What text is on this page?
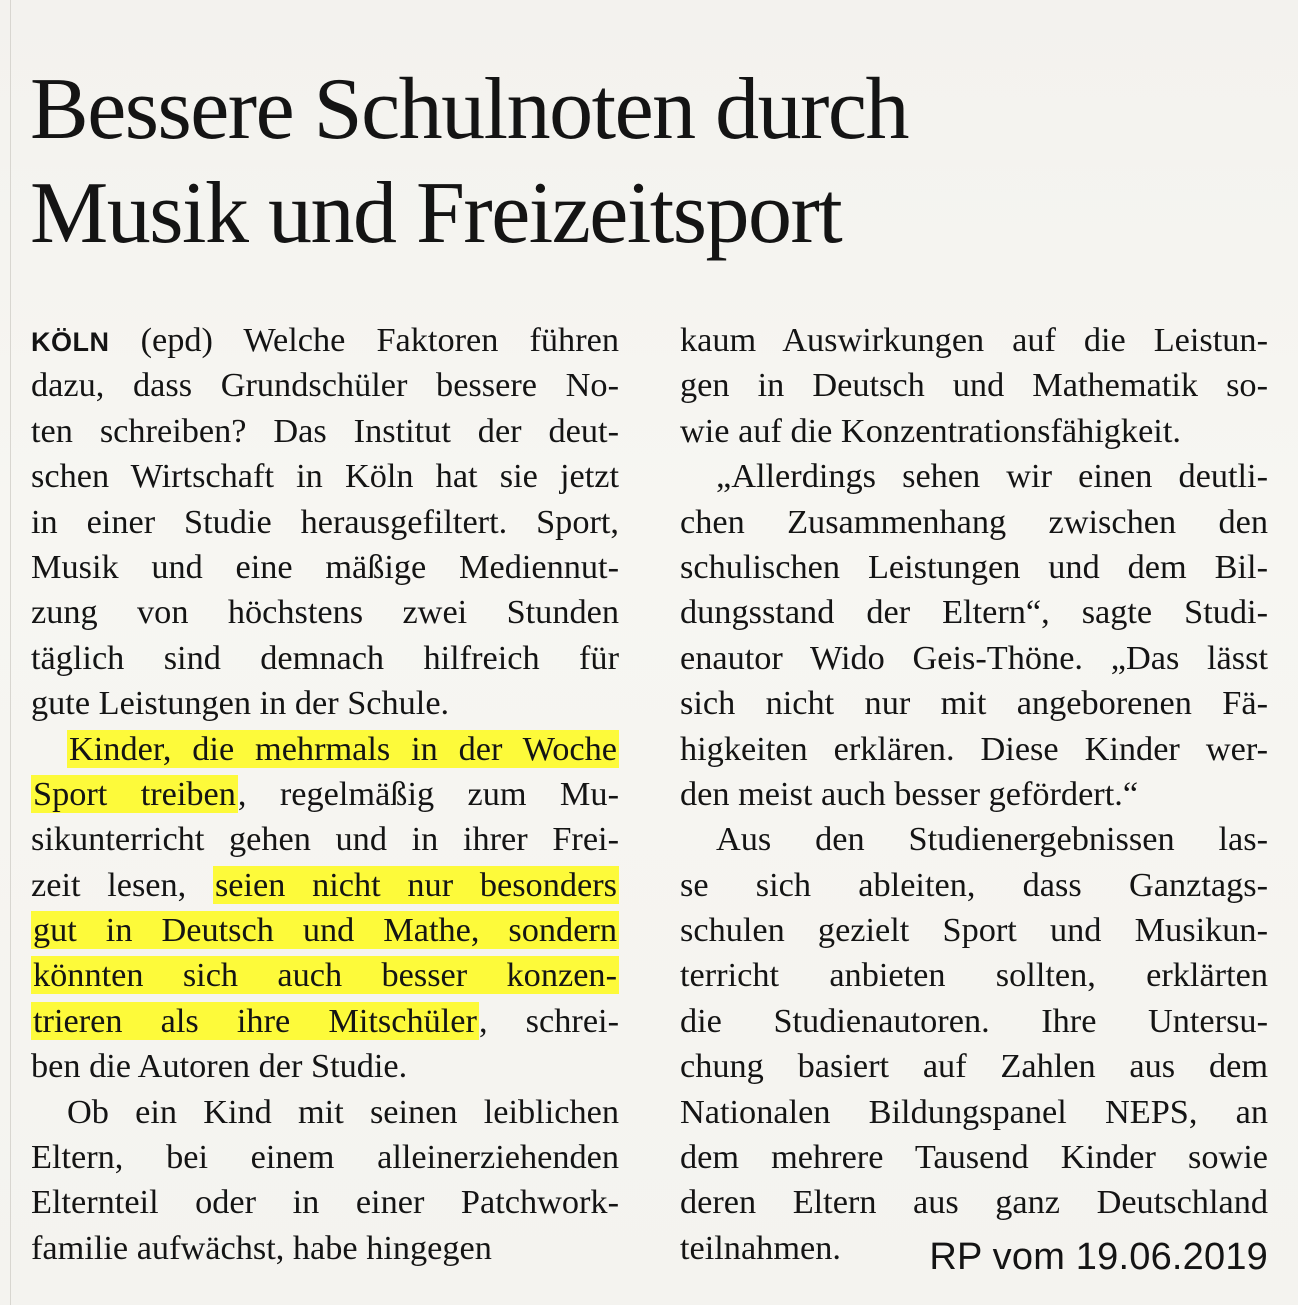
Bessere Schulnoten durch
Musik und Freizeitsport
KÖLN (epd) Welche Faktoren führen
dazu, dass Grundschüler bessere No-
ten schreiben? Das Institut der deut-
schen Wirtschaft in Köln hat sie jetzt
in einer Studie herausgefiltert. Sport,
Musik und eine mäßige Mediennut-
zung von höchstens zwei Stunden
täglich sind demnach hilfreich für
gute Leistungen in der Schule.
Kinder, die mehrmals in der Woche
Sport treiben, regelmäßig zum Mu-
sikunterricht gehen und in ihrer Frei-
zeit lesen, seien nicht nur besonders
gut in Deutsch und Mathe, sondern
könnten sich auch besser konzen-
trieren als ihre Mitschüler, schrei-
ben die Autoren der Studie.
Ob ein Kind mit seinen leiblichen
Eltern, bei einem alleinerziehenden
Elternteil oder in einer Patchwork-
familie aufwächst, habe hingegen
kaum Auswirkungen auf die Leistun-
gen in Deutsch und Mathematik so-
wie auf die Konzentrationsfähigkeit.
„Allerdings sehen wir einen deutli-
chen Zusammenhang zwischen den
schulischen Leistungen und dem Bil-
dungsstand der Eltern“, sagte Studi-
enautor Wido Geis-Thöne. „Das lässt
sich nicht nur mit angeborenen Fä-
higkeiten erklären. Diese Kinder wer-
den meist auch besser gefördert.“
Aus den Studienergebnissen las-
se sich ableiten, dass Ganztags-
schulen gezielt Sport und Musikun-
terricht anbieten sollten, erklärten
die Studienautoren. Ihre Untersu-
chung basiert auf Zahlen aus dem
Nationalen Bildungspanel NEPS, an
dem mehrere Tausend Kinder sowie
deren Eltern aus ganz Deutschland
teilnahmen.	RP vom 19.06.2019
